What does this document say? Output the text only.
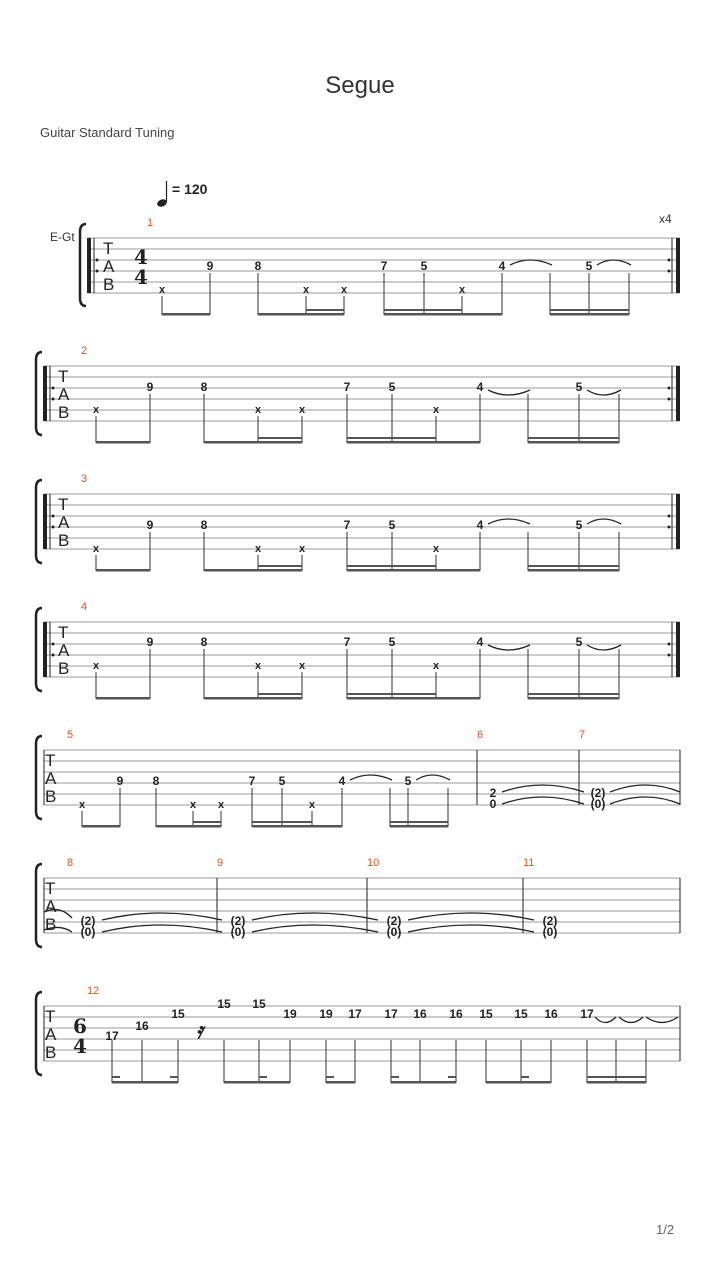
Segue
Guitar Standard Tuning
1/2
= 120
E-Gt
x4
T
A
B
4
4
1
x
9	8
x	x
7	5
x
4	5
T
A
B
2
x
9	8
x	x
7	5
x
4	5
T
A
B
3
x
9	8
x	x
7	5
x
4	5
T
A
B
4
x
9	8
x	x
7	5
x
4	5
T
A
B
5	6	7
x
9 8
x x
7 5
x
4	5
2
0
(2)
(0)
T
A
B
8	9	10	11
(2)
(0)
(2)
(0)
(2)
(0)
(2)
(0)
T
A
B
6
4
12
𝄿
17
16
15
15 15
19 19 17 17 16 16 15 15 16 17
